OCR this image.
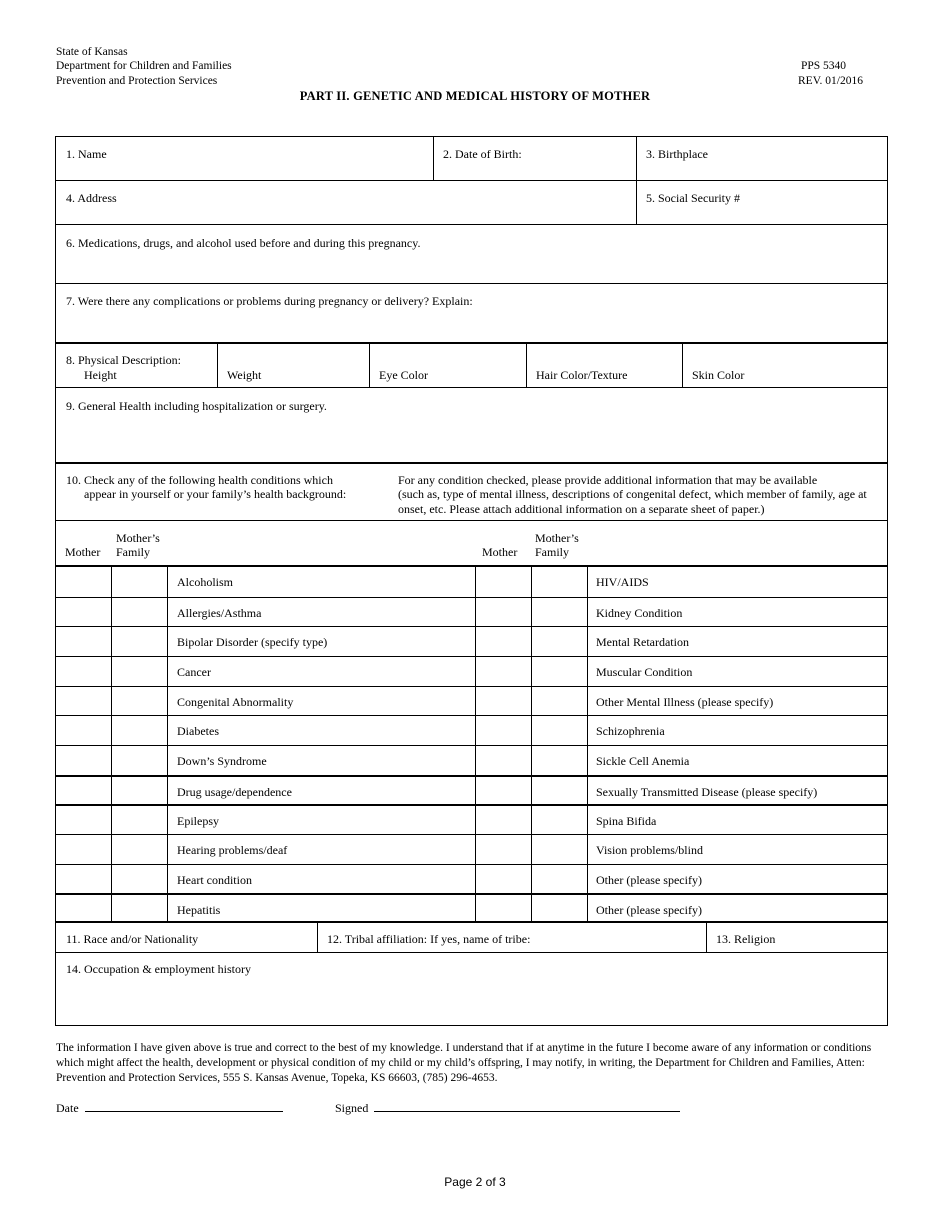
State of Kansas
Department for Children and Families
Prevention and Protection Services
PPS 5340
REV. 01/2016
PART II. GENETIC AND MEDICAL HISTORY OF MOTHER
1. Name	2. Date of Birth:	3. Birthplace
4. Address	5. Social Security #
6. Medications, drugs, and alcohol used before and during this pregnancy.
7. Were there any complications or problems during pregnancy or delivery? Explain:
8. Physical Description:
Height	Weight	Eye Color	Hair Color/Texture	Skin Color
9. General Health including hospitalization or surgery.
10. Check any of the following health conditions which
appear in yourself or your family’s health background:
For any condition checked, please provide additional information that may be available
(such as, type of mental illness, descriptions of congenital defect, which member of family, age at
onset, etc. Please attach additional information on a separate sheet of paper.)
Mother
Mother’s
Family	Mother
Mother’s
Family
Alcoholism	HIV/AIDS
Allergies/Asthma	Kidney Condition
Bipolar Disorder (specify type)	Mental Retardation
Cancer	Muscular Condition
Congenital Abnormality	Other Mental Illness (please specify)
Diabetes	Schizophrenia
Down’s Syndrome	Sickle Cell Anemia
Drug usage/dependence	Sexually Transmitted Disease (please specify)
Epilepsy	Spina Bifida
Hearing problems/deaf	Vision problems/blind
Heart condition	Other (please specify)
Hepatitis	Other (please specify)
11. Race and/or Nationality	12. Tribal affiliation: If yes, name of tribe:	13. Religion
14. Occupation & employment history
The information I have given above is true and correct to the best of my knowledge. I understand that if at anytime in the future I become aware of any information or conditions
which might affect the health, development or physical condition of my child or my child’s offspring, I may notify, in writing, the Department for Children and Families, Atten:
Prevention and Protection Services, 555 S. Kansas Avenue, Topeka, KS 66603, (785) 296-4653.
Date	Signed
Page 2 of 3
